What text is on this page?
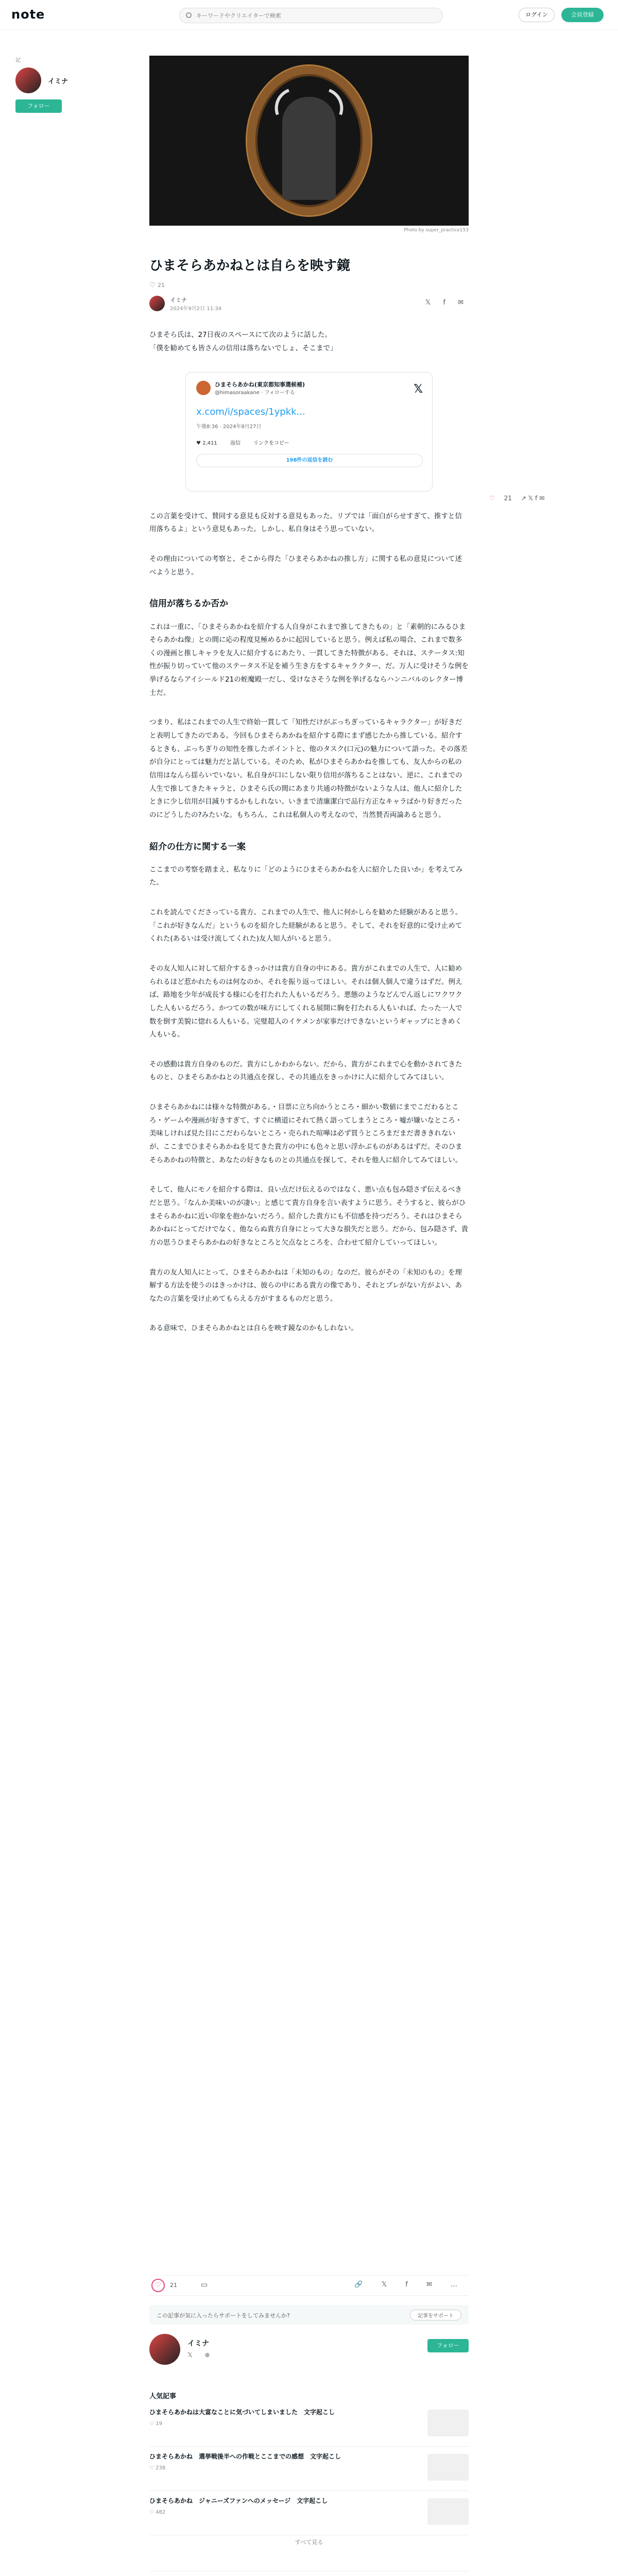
note
キーワードやクリエイターで検索	ログイン	会員登録
記
イミナ
フォロー
Photo by super_practice153
ひまそらあかねとは自らを映す鏡
♡ 21
イミナ
2024年9月2日 11:34
𝕏 f ✉

ひまそら氏は、27日夜のスペースにて次のように話した。
「僕を勧めても皆さんの信用は落ちないでしょ、そこまで」

ひまそらあかね(東京都知事選候補)
@himasoraakane · フォローする	𝕏
x.com/i/spaces/1ypkk...
午後8:36 · 2024年8月27日
♥ 2,411	返信	リンクをコピー
198件の返信を読む

この言葉を受けて、賛同する意見も反対する意見もあった。リプでは「面白がらせすぎて、推すと信用落ちるよ」という意見もあった。しかし、私自身はそう思っていない。

その理由についての考察と、そこから得た「ひまそらあかねの推し方」に関する私の意見について述べようと思う。

信用が落ちるか否か

これは一重に、「ひまそらあかねを紹介する人自身がこれまで推してきたもの」と「素朝的にみるひまそらあかね像」との間に応の程度見極めるかに起因していると思う。例えば私の場合、これまで数多くの漫画と推しキャラを友人に紹介するにあたり、一貫してきた特徴がある。それは、ステータス:知性が振り切っていて他のステータス不足を補う生き方をするキャラクター、だ。万人に受けそうな例を挙げるならアイシールド21の蛭魔殿一だし、受けなさそうな例を挙げるならハンニバルのレクター博士だ。

つまり、私はこれまでの人生で終始一貫して「知性だけがぶっちぎっているキャラクター」が好きだと表明してきたのである。今回もひまそらあかねを紹介する際にまず感じたから推している。紹介するときも、ぶっちぎりの知性を推したポイントと、他のタスク(口元)の魅力について語った。その落差が自分にとっては魅力だと話している。そのため、私がひまそらあかねを推しても、友人からの私の信用はなんら揺らいでいない。私自身が口にしない限り信用が落ちることはない。逆に、これまでの人生で推してきたキャラと、ひまそら氏の間にあまり共通の特徴がないような人は、他人に紹介したときに少し信用が目減りするかもしれない。いきまで清廉潔白で品行方正なキャラばかり好きだったのにどうしたの?みたいな。もちろん、これは私個人の考えなので、当然賛否両論あると思う。

紹介の仕方に関する一案

ここまでの考察を踏まえ、私なりに「どのようにひまそらあかねを人に紹介した良いか」を考えてみた。

これを読んでくださっている貴方。これまでの人生で、他人に何かしらを勧めた経験があると思う。「これが好きなんだ」というものを紹介した経験があると思う。そして、それを好意的に受け止めてくれた(あるいは受け流してくれた)友人知人がいると思う。

その友人知人に対して紹介するきっかけは貴方自身の中にある。貴方がこれまでの人生で、人に勧められるほど惹かれたものは何なのか、それを振り返ってほしい。それは個人個人で違うはずだ。例えば、路地を少年が成長する様に心を打たれた人もいるだろう。悪態のようなどんでん返しにワクワクした人もいるだろう。かつての数が味方にしてくれる展開に胸を打たれる人もいれば、たった一人で数を倒す美貌に惚れる人もいる。完璧超人のイケメンが家事だけできないというギャップにときめく人もいる。

その感動は貴方自身のものだ。貴方にしかわからない。だから、貴方がこれまで心を動かされてきたものと、ひまそらあかねとの共通点を探し、その共通点をきっかけに人に紹介してみてほしい。

ひまそらあかねには様々な特徴がある。・目票に立ち向かうところ・細かい数値にまでこだわるところ・ゲームや漫画が好きすぎて、すぐに横道にそれて熱く語ってしまうところ・嘘が嫌いなところ・美味しければ見た目にこだわらないところ・売られた喧嘩は必ず買うところまだまだ書ききれないが、ここまでひまそらあかねを見てきた貴方の中にも色々と思い浮かぶものがあるはずだ。そのひまそらあかねの特徴と、あなたの好きなものとの共通点を探して、それを他人に紹介してみてほしい。

そして、他人にモノを紹介する際は、良い点だけ伝えるのではなく、悪い点も包み隠さず伝えるべきだと思う。「なんか美味いのが凄い」と感じて貴方自身を言い表すように思う。そうすると、彼らがひまそらあかねに近い印象を抱かないだろう。紹介した貴方にも不信感を持つだろう。それはひまそらあかねにとってだけでなく、他ならぬ貴方自身にとって大きな損失だと思う。だから、包み隠さず、貴方の思うひまそらあかねの好きなところと欠点なところを、合わせて紹介していってほしい。

貴方の友人知人にとって、ひまそらあかねは「未知のもの」なのだ。彼らがその「未知のもの」を理解する方法を使うのはきっかけは、彼らの中にある貴方の像であり、それとブレがない方がよい、あなたの言葉を受け止めてもらえる方がすまるものだと思う。

ある意味で、ひまそらあかねとは自らを映す鏡なのかもしれない。

♡ 21 ↗ 𝕏 f ✉
♡	21	▭	🔗 𝕏 f ✉ …
この記事が気に入ったらサポートをしてみませんか?	記事をサポート
イミナ
𝕏 ⊕
フォロー
人気記事
ひまそらあかねは大富なことに気づいてしまいました　文字起こし
♡ 19
ひまそらあかね　選挙戦後半への作戦とここまでの感想　文字起こし
♡ 238
ひまそらあかね　ジャニーズファンへのメッセージ　文字起こし
♡ 482
すべて見る
